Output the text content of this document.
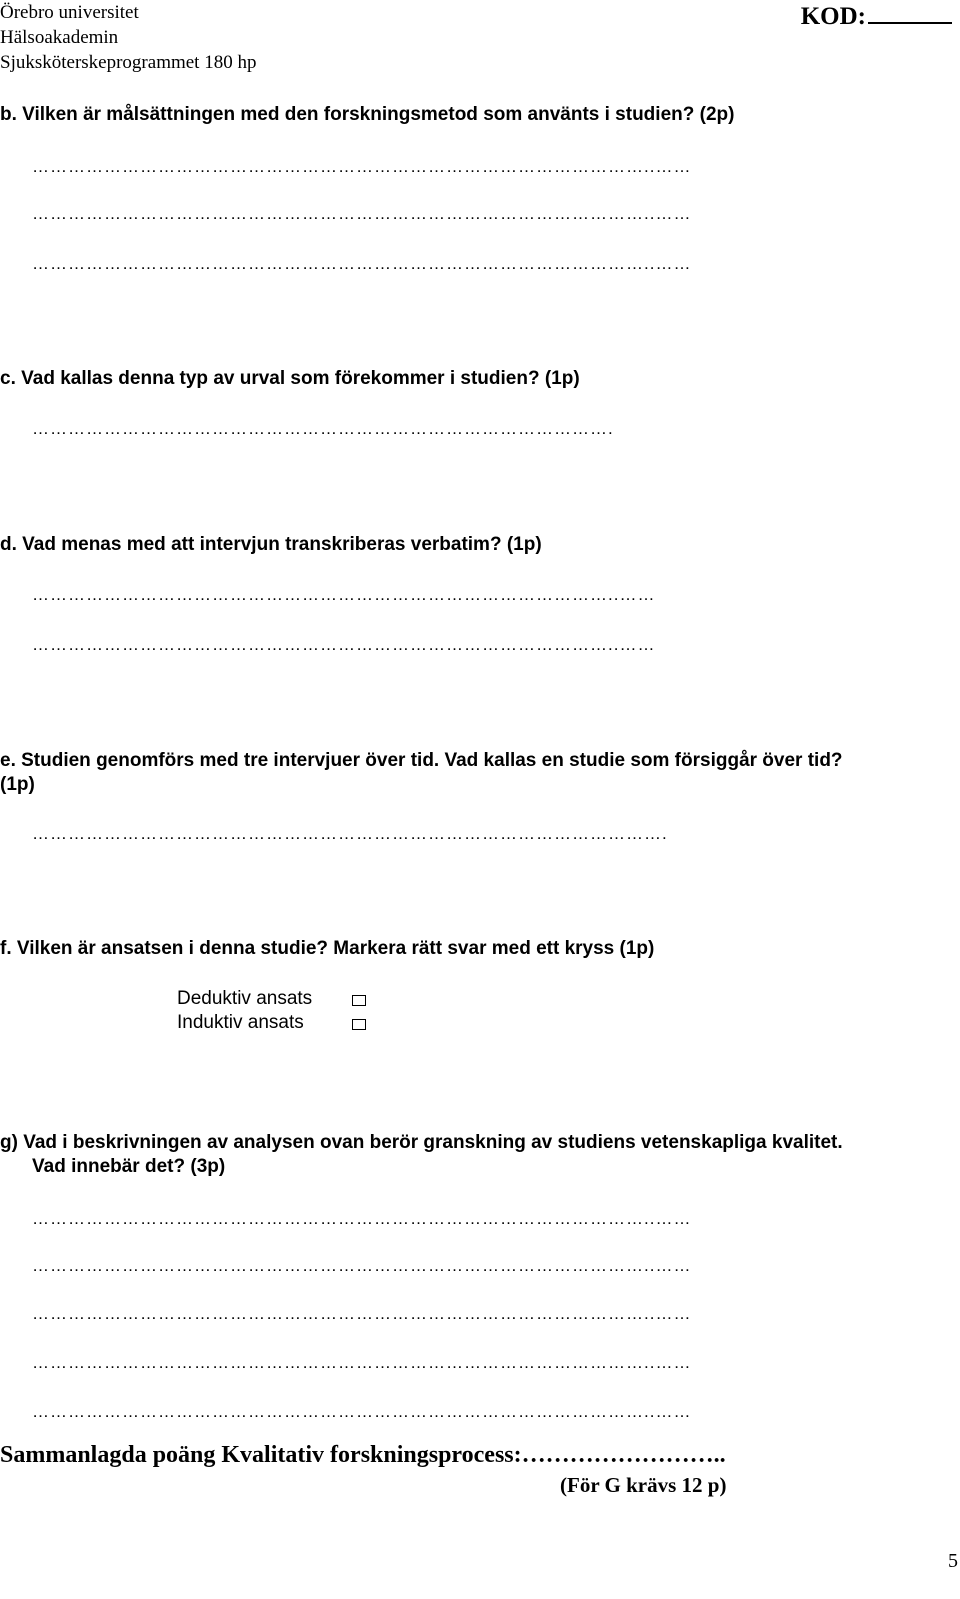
Örebro universitet
Hälsoakademin
Sjuksköterskeprogrammet 180 hp
KOD:
b. Vilken är målsättningen med den forskningsmetod som använts i studien? (2p)
…………………………………………………………………………………………..……
…………………………………………………………………………………………..……
…………………………………………………………………………………………..……
c. Vad kallas denna typ av urval som förekommer i studien? (1p)
…………………………………………………………………………………….
d. Vad menas med att intervjun transkriberas verbatim? (1p)
……………………………………………………………………………………..……
……………………………………………………………………………………..……
e. Studien genomförs med tre intervjuer över tid. Vad kallas en studie som försiggår över tid?
(1p)
…………………………………………………………………………………………….
f. Vilken är ansatsen i denna studie? Markera rätt svar med ett kryss (1p)
Deduktiv ansats
Induktiv ansats
g) Vad i beskrivningen av analysen ovan berör granskning av studiens vetenskapliga kvalitet.
Vad innebär det? (3p)
…………………………………………………………………………………………..……
…………………………………………………………………………………………..……
…………………………………………………………………………………………..……
…………………………………………………………………………………………..……
…………………………………………………………………………………………..……
Sammanlagda poäng Kvalitativ forskningsprocess:……………………..
(För G krävs 12 p)
5
